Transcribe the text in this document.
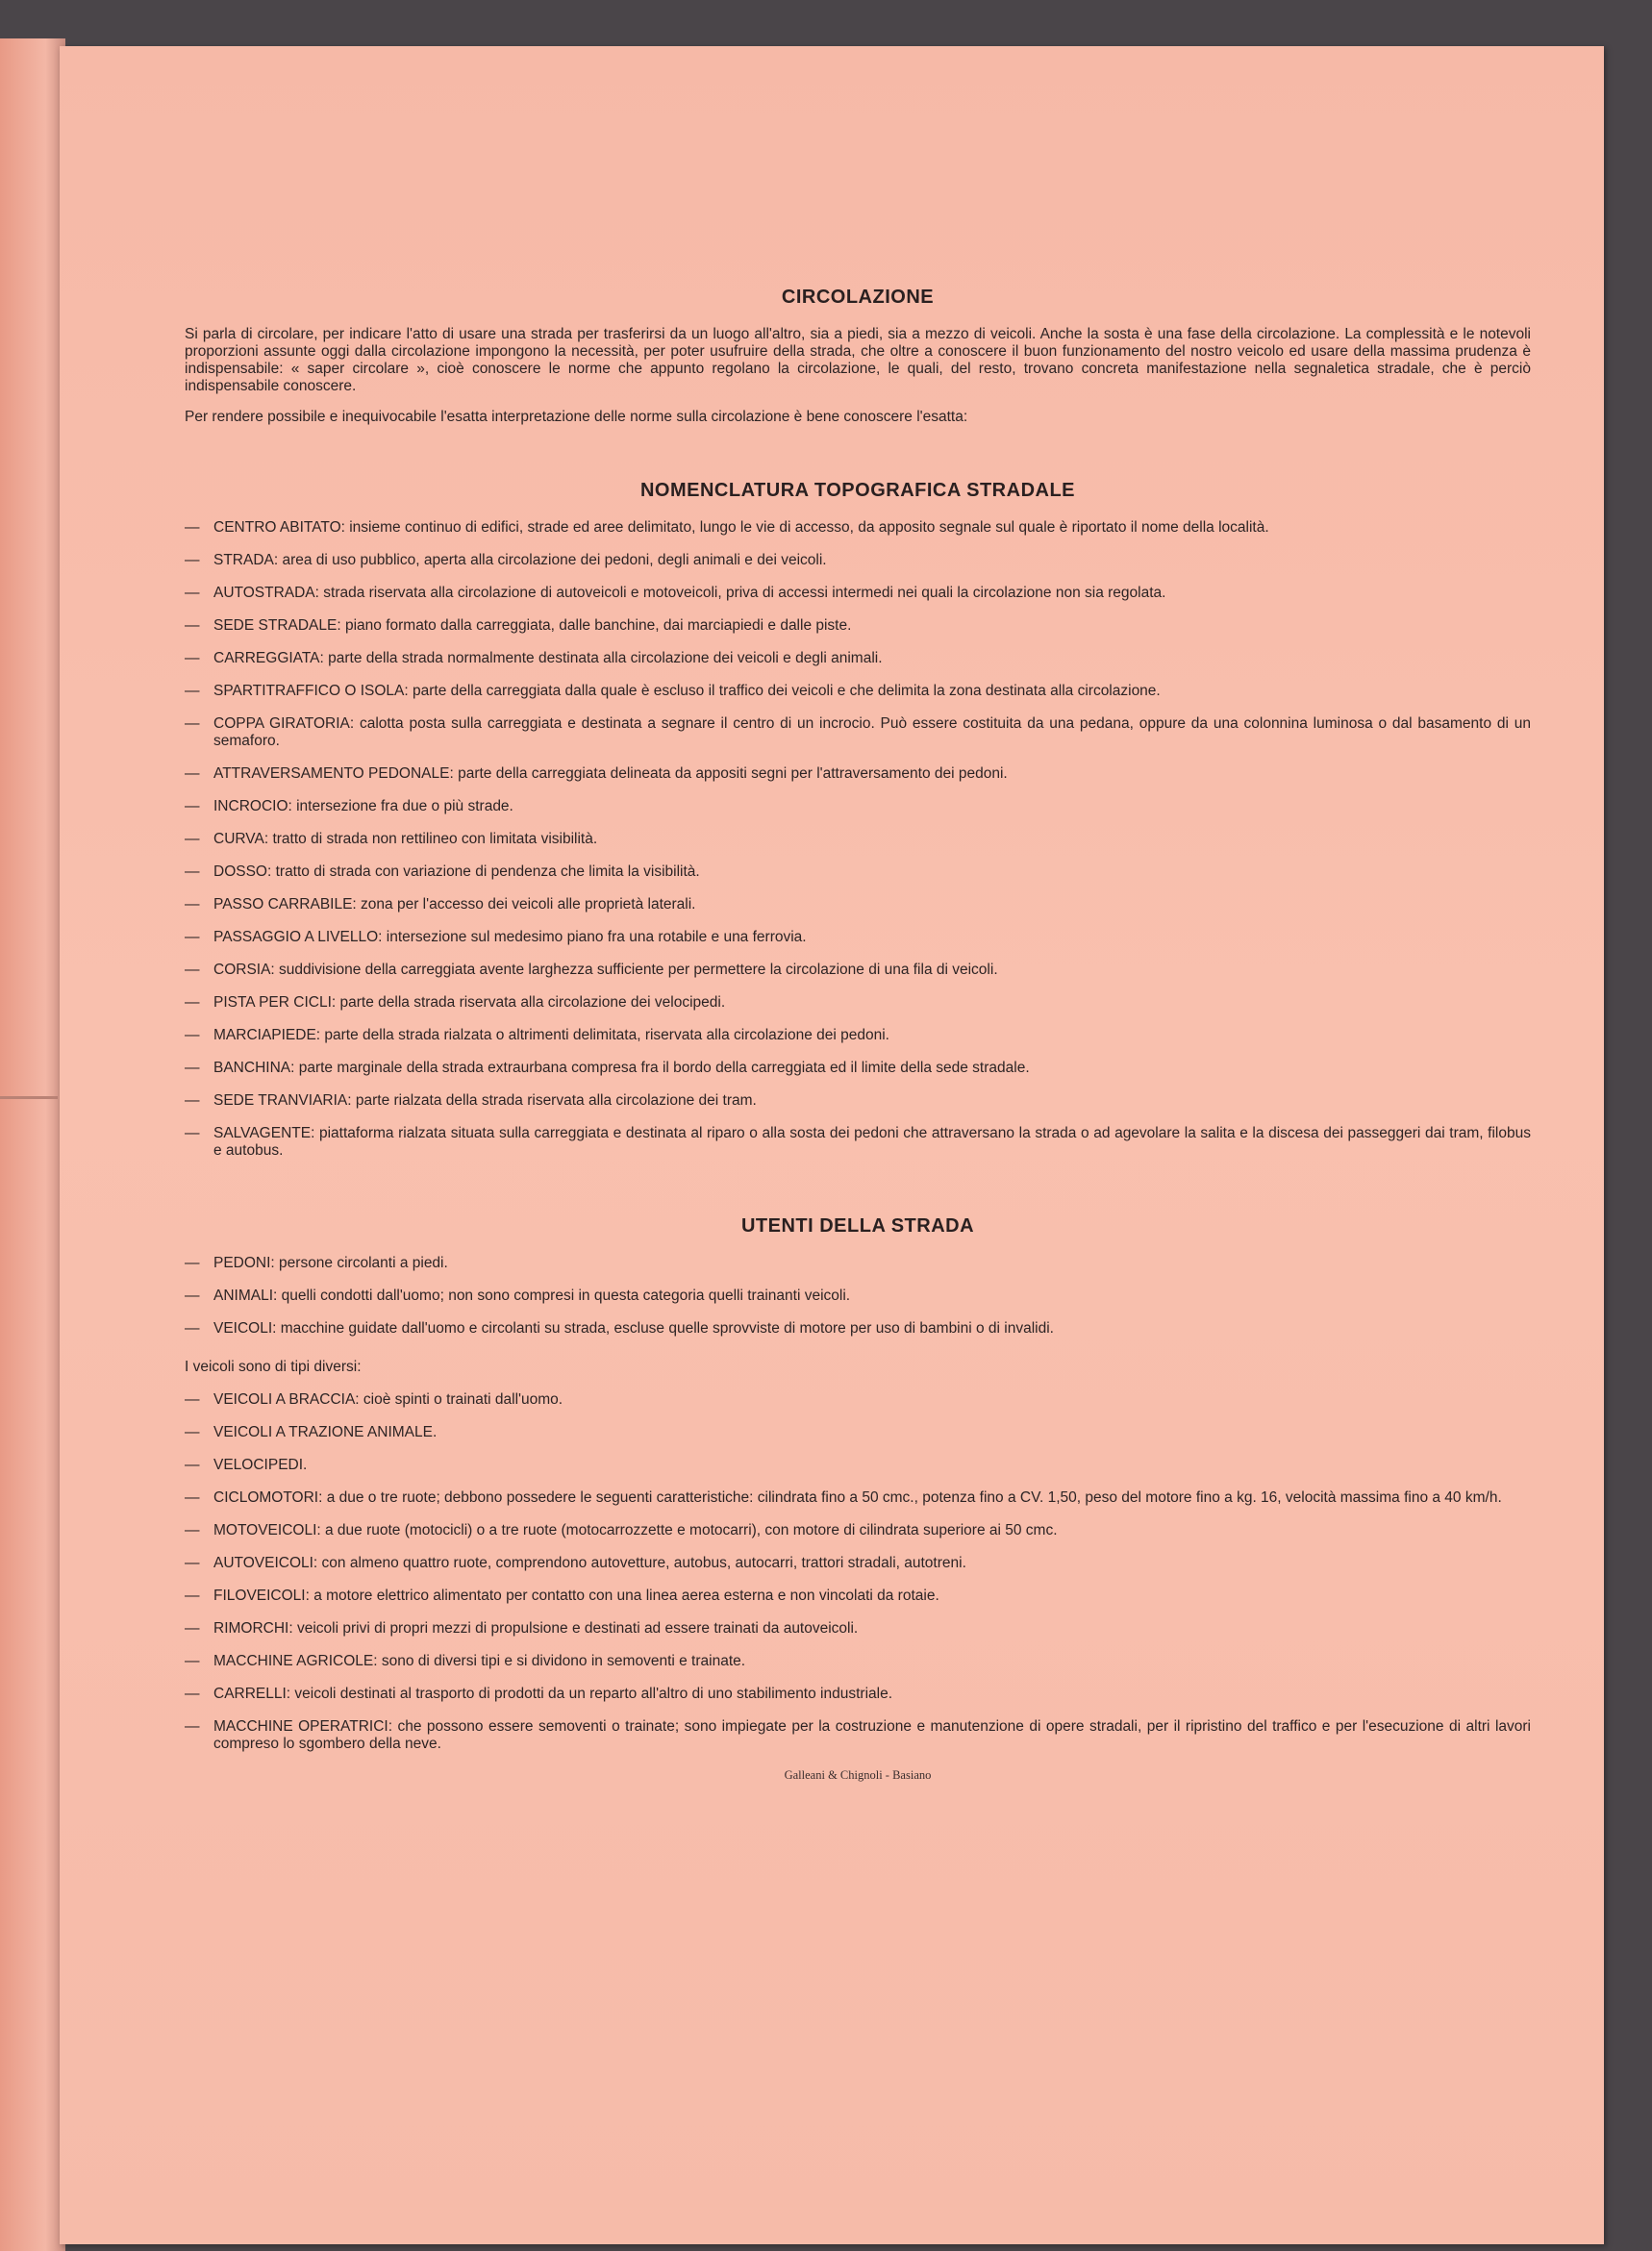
CIRCOLAZIONE

Si parla di circolare, per indicare l'atto di usare una strada per trasferirsi da un luogo all'altro, sia a piedi, sia a mezzo di veicoli. Anche la sosta è una fase della circolazione. La complessità e le notevoli proporzioni assunte oggi dalla circolazione impongono la necessità, per poter usufruire della strada, che oltre a conoscere il buon funzionamento del nostro veicolo ed usare della massima prudenza è indispensabile: « saper circolare », cioè conoscere le norme che appunto regolano la circolazione, le quali, del resto, trovano concreta manifestazione nella segnaletica stradale, che è perciò indispensabile conoscere.

Per rendere possibile e inequivocabile l'esatta interpretazione delle norme sulla circolazione è bene conoscere l'esatta:

NOMENCLATURA TOPOGRAFICA STRADALE
— CENTRO ABITATO: insieme continuo di edifici, strade ed aree delimitato, lungo le vie di accesso, da apposito segnale sul quale è riportato il nome della località.
— STRADA: area di uso pubblico, aperta alla circolazione dei pedoni, degli animali e dei veicoli.
— AUTOSTRADA: strada riservata alla circolazione di autoveicoli e motoveicoli, priva di accessi intermedi nei quali la circolazione non sia regolata.
— SEDE STRADALE: piano formato dalla carreggiata, dalle banchine, dai marciapiedi e dalle piste.
— CARREGGIATA: parte della strada normalmente destinata alla circolazione dei veicoli e degli animali.
— SPARTITRAFFICO O ISOLA: parte della carreggiata dalla quale è escluso il traffico dei veicoli e che delimita la zona destinata alla circolazione.
— COPPA GIRATORIA: calotta posta sulla carreggiata e destinata a segnare il centro di un incrocio. Può essere costituita da una pedana, oppure da una colonnina luminosa o dal basamento di un semaforo.
— ATTRAVERSAMENTO PEDONALE: parte della carreggiata delineata da appositi segni per l'attraversamento dei pedoni.
— INCROCIO: intersezione fra due o più strade.
— CURVA: tratto di strada non rettilineo con limitata visibilità.
— DOSSO: tratto di strada con variazione di pendenza che limita la visibilità.
— PASSO CARRABILE: zona per l'accesso dei veicoli alle proprietà laterali.
— PASSAGGIO A LIVELLO: intersezione sul medesimo piano fra una rotabile e una ferrovia.
— CORSIA: suddivisione della carreggiata avente larghezza sufficiente per permettere la circolazione di una fila di veicoli.
— PISTA PER CICLI: parte della strada riservata alla circolazione dei velocipedi.
— MARCIAPIEDE: parte della strada rialzata o altrimenti delimitata, riservata alla circolazione dei pedoni.
— BANCHINA: parte marginale della strada extraurbana compresa fra il bordo della carreggiata ed il limite della sede stradale.
— SEDE TRANVIARIA: parte rialzata della strada riservata alla circolazione dei tram.
— SALVAGENTE: piattaforma rialzata situata sulla carreggiata e destinata al riparo o alla sosta dei pedoni che attraversano la strada o ad agevolare la salita e la discesa dei passeggeri dai tram, filobus e autobus.
UTENTI DELLA STRADA
— PEDONI: persone circolanti a piedi.
— ANIMALI: quelli condotti dall'uomo; non sono compresi in questa categoria quelli trainanti veicoli.
— VEICOLI: macchine guidate dall'uomo e circolanti su strada, escluse quelle sprovviste di motore per uso di bambini o di invalidi.

I veicoli sono di tipi diversi:

— VEICOLI A BRACCIA: cioè spinti o trainati dall'uomo.
— VEICOLI A TRAZIONE ANIMALE.
— VELOCIPEDI.
— CICLOMOTORI: a due o tre ruote; debbono possedere le seguenti caratteristiche: cilindrata fino a 50 cmc., potenza fino a CV. 1,50, peso del motore fino a kg. 16, velocità massima fino a 40 km/h.
— MOTOVEICOLI: a due ruote (motocicli) o a tre ruote (motocarrozzette e motocarri), con motore di cilindrata superiore ai 50 cmc.
— AUTOVEICOLI: con almeno quattro ruote, comprendono autovetture, autobus, autocarri, trattori stradali, autotreni.
— FILOVEICOLI: a motore elettrico alimentato per contatto con una linea aerea esterna e non vincolati da rotaie.
— RIMORCHI: veicoli privi di propri mezzi di propulsione e destinati ad essere trainati da autoveicoli.
— MACCHINE AGRICOLE: sono di diversi tipi e si dividono in semoventi e trainate.
— CARRELLI: veicoli destinati al trasporto di prodotti da un reparto all'altro di uno stabilimento industriale.
— MACCHINE OPERATRICI: che possono essere semoventi o trainate; sono impiegate per la costruzione e manutenzione di opere stradali, per il ripristino del traffico e per l'esecuzione di altri lavori compreso lo sgombero della neve.
Galleani & Chignoli - Basiano
